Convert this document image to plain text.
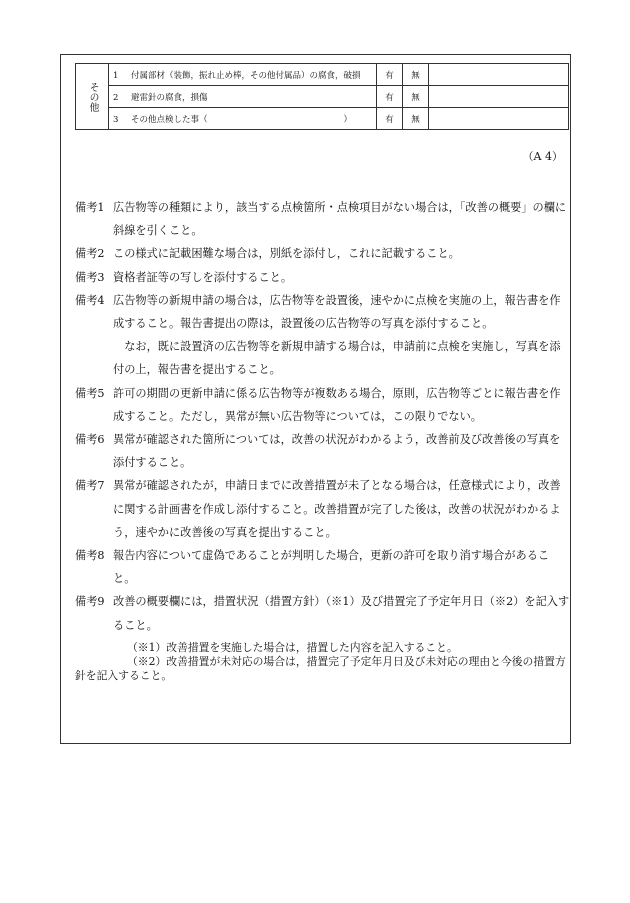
その他	1 付属部材（装飾，振れ止め棒，その他付属品）の腐食，破損	有	無	
	2 避雷針の腐食，損傷	有	無	
	3 その他点検した事（　　　　　　　　　　　　　　　　）	有	無	
（A 4）
備考1 広告物等の種類により，該当する点検箇所・点検項目がない場合は，「改善の概要」の欄に斜線を引くこと。
備考2 この様式に記載困難な場合は，別紙を添付し，これに記載すること。
備考3 資格者証等の写しを添付すること。
備考4 広告物等の新規申請の場合は，広告物等を設置後，速やかに点検を実施の上，報告書を作成すること。報告書提出の際は，設置後の広告物等の写真を添付すること。
なお，既に設置済の広告物等を新規申請する場合は，申請前に点検を実施し，写真を添付の上，報告書を提出すること。
備考5 許可の期間の更新申請に係る広告物等が複数ある場合，原則，広告物等ごとに報告書を作成すること。ただし，異常が無い広告物等については，この限りでない。
備考6 異常が確認された箇所については，改善の状況がわかるよう，改善前及び改善後の写真を添付すること。
備考7 異常が確認されたが，申請日までに改善措置が未了となる場合は，任意様式により，改善に関する計画書を作成し添付すること。改善措置が完了した後は，改善の状況がわかるよう，速やかに改善後の写真を提出すること。
備考8 報告内容について虚偽であることが判明した場合，更新の許可を取り消す場合があること。
備考9 改善の概要欄には，措置状況（措置方針）（※1）及び措置完了予定年月日（※2）を記入すること。

（※1）改善措置を実施した場合は，措置した内容を記入すること。

（※2）改善措置が未対応の場合は，措置完了予定年月日及び未対応の理由と今後の措置方針を記入すること。
